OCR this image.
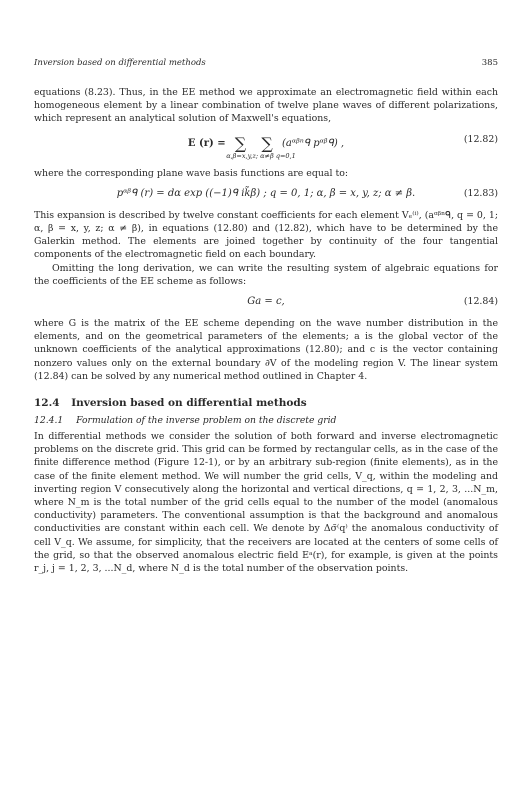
Inversion based on differential methods	385

equations (8.23). Thus, in the EE method we approximate an electromagnetic field within each homogeneous element by a linear combination of twelve plane waves of different polarizations, which represent an analytical solution of Maxwell's equations,

E (r) = ∑ ∑ (aᵅᵝⁿᑫ pᵅᵝᑫ) ,
α,β=x,y,z; α≠β q=0,1
(12.82)

where the corresponding plane wave basis functions are equal to:

pᵅᵝᑫ (r) = dα exp ((−1)ᑫ ik̃β) ; q = 0, 1; α, β = x, y, z; α ≠ β.	(12.83)

This expansion is described by twelve constant coefficients for each element Vₑ⁽ⁱ⁾, (aᵅᵝⁿᑫ, q = 0, 1; α, β = x, y, z; α ≠ β), in equations (12.80) and (12.82), which have to be determined by the Galerkin method. The elements are joined together by continuity of the four tangential components of the electromagnetic field on each boundary.

Omitting the long derivation, we can write the resulting system of algebraic equations for the coefficients of the EE scheme as follows:

Ga = c,	(12.84)

where G is the matrix of the EE scheme depending on the wave number distribution in the elements, and on the geometrical parameters of the elements; a is the global vector of the unknown coefficients of the analytical approximations (12.80); and c is the vector containing nonzero values only on the external boundary ∂V of the modeling region V. The linear system (12.84) can be solved by any numerical method outlined in Chapter 4.

12.4 Inversion based on differential methods
12.4.1 Formulation of the inverse problem on the discrete grid

In differential methods we consider the solution of both forward and inverse electromagnetic problems on the discrete grid. This grid can be formed by rectangular cells, as in the case of the finite difference method (Figure 12-1), or by an arbitrary sub-region (finite elements), as in the case of the finite element method. We will number the grid cells, V_q, within the modeling and inverting region V consecutively along the horizontal and vertical directions, q = 1, 2, 3, ...N_m, where N_m is the total number of the grid cells equal to the number of the model (anomalous conductivity) parameters. The conventional assumption is that the background and anomalous conductivities are constant within each cell. We denote by Δσ̃⁽q⁾ the anomalous conductivity of cell V_q. We assume, for simplicity, that the receivers are located at the centers of some cells of the grid, so that the observed anomalous electric field Eᵃ(r), for example, is given at the points r_j, j = 1, 2, 3, ...N_d, where N_d is the total number of the observation points.
